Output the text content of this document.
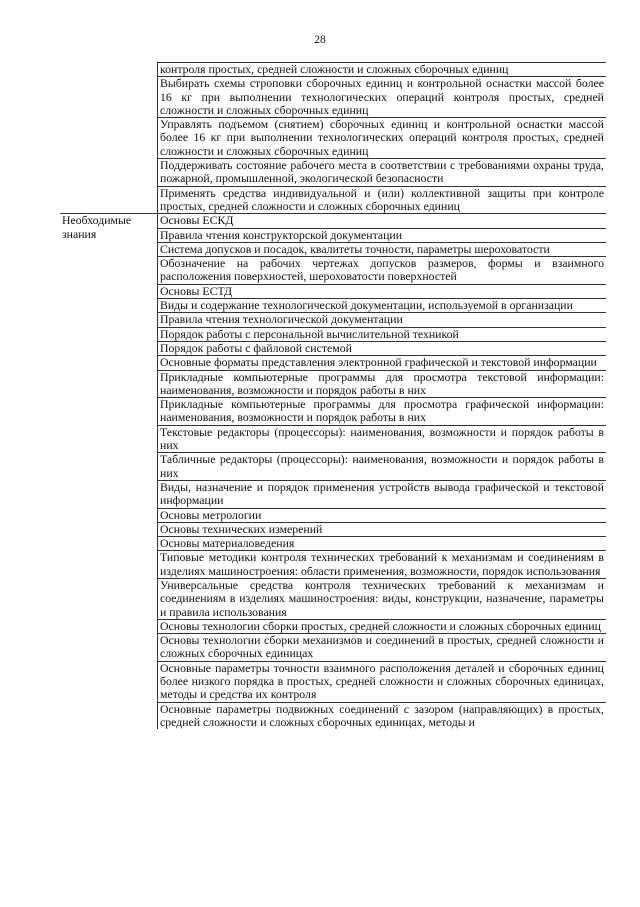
28
	контроля простых, средней сложности и сложных сборочных единиц
	Выбирать схемы строповки сборочных единиц и контрольной оснастки массой более 16 кг при выполнении технологических операций контроля простых, средней сложности и сложных сборочных единиц
	Управлять подъемом (снятием) сборочных единиц и контрольной оснастки массой более 16 кг при выполнении технологических операций контроля простых, средней сложности и сложных сборочных единиц
	Поддерживать состояние рабочего места в соответствии с требованиями охраны труда, пожарной, промышленной, экологической безопасности
	Применять средства индивидуальной и (или) коллективной защиты при контроле простых, средней сложности и сложных сборочных единиц
Необходимые знания	Основы ЕСКД
	Правила чтения конструкторской документации
	Система допусков и посадок, квалитеты точности, параметры шероховатости
	Обозначение на рабочих чертежах допусков размеров, формы и взаимного расположения поверхностей, шероховатости поверхностей
	Основы ЕСТД
	Виды и содержание технологической документации, используемой в организации
	Правила чтения технологической документации
	Порядок работы с персональной вычислительной техникой
	Порядок работы с файловой системой
	Основные форматы представления электронной графической и текстовой информации
	Прикладные компьютерные программы для просмотра текстовой информации: наименования, возможности и порядок работы в них
	Прикладные компьютерные программы для просмотра графической информации: наименования, возможности и порядок работы в них
	Текстовые редакторы (процессоры): наименования, возможности и порядок работы в них
	Табличные редакторы (процессоры): наименования, возможности и порядок работы в них
	Виды, назначение и порядок применения устройств вывода графической и текстовой информации
	Основы метрологии
	Основы технических измерений
	Основы материаловедения
	Типовые методики контроля технических требований к механизмам и соединениям в изделиях машиностроения: области применения, возможности, порядок использования
	Универсальные средства контроля технических требований к механизмам и соединениям в изделиях машиностроения: виды, конструкции, назначение, параметры и правила использования
	Основы технологии сборки простых, средней сложности и сложных сборочных единиц
	Основы технологии сборки механизмов и соединений в простых, средней сложности и сложных сборочных единицах
	Основные параметры точности взаимного расположения деталей и сборочных единиц более низкого порядка в простых, средней сложности и сложных сборочных единицах, методы и средства их контроля
	Основные параметры подвижных соединений с зазором (направляющих) в простых, средней сложности и сложных сборочных единицах, методы и
